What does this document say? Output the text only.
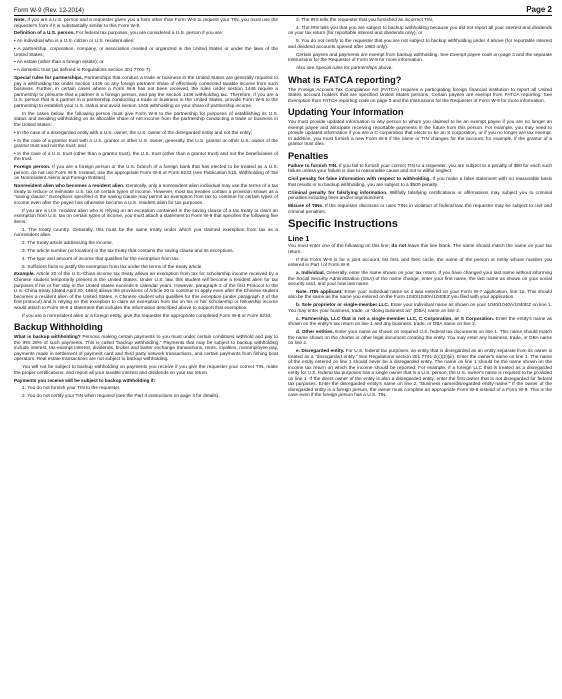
Form W-9 (Rev. 12-2014)	Page 2

Note. If you are a U.S. person and a requester gives you a form other than Form W-9 to request your TIN, you must use the requester's form if it is substantially similar to this Form W-9.

Definition of a U.S. person. For federal tax purposes, you are considered a U.S. person if you are:

• An individual who is a U.S. citizen or U.S. resident alien;

• A partnership, corporation, company, or association created or organized in the United States or under the laws of the United States;

• An estate (other than a foreign estate); or

• A domestic trust (as defined in Regulations section 301.7701-7).

Special rules for partnerships. Partnerships that conduct a trade or business in the United States are generally required to pay a withholding tax under section 1446 on any foreign partners' share of effectively connected taxable income from such business. Further, in certain cases where a Form W-9 has not been received, the rules under section 1446 require a partnership to presume that a partner is a foreign person, and pay the section 1446 withholding tax. Therefore, if you are a U.S. person that is a partner in a partnership conducting a trade or business in the United States, provide Form W-9 to the partnership to establish your U.S. status and avoid section 1446 withholding on your share of partnership income.

In the cases below, the following person must give Form W-9 to the partnership for purposes of establishing its U.S. status and avoiding withholding on its allocable share of net income from the partnership conducting a trade or business in the United States:

• In the case of a disregarded entity with a U.S. owner, the U.S. owner of the disregarded entity and not the entity;

• In the case of a grantor trust with a U.S. grantor or other U.S. owner, generally, the U.S. grantor or other U.S. owner of the grantor trust and not the trust; and

• In the case of a U.S. trust (other than a grantor trust), the U.S. trust (other than a grantor trust) and not the beneficiaries of the trust.

Foreign person. If you are a foreign person or the U.S. branch of a foreign bank that has elected to be treated as a U.S. person, do not use Form W-9. Instead, use the appropriate Form W-8 or Form 8233 (see Publication 515, Withholding of Tax on Nonresident Aliens and Foreign Entities).

Nonresident alien who becomes a resident alien. Generally, only a nonresident alien individual may use the terms of a tax treaty to reduce or eliminate U.S. tax on certain types of income. However, most tax treaties contain a provision known as a "saving clause." Exceptions specified in the saving clause may permit an exemption from tax to continue for certain types of income even after the payee has otherwise become a U.S. resident alien for tax purposes.

If you are a U.S. resident alien who is relying on an exception contained in the saving clause of a tax treaty to claim an exemption from U.S. tax on certain types of income, you must attach a statement to Form W-9 that specifies the following five items:

1. The treaty country. Generally, this must be the same treaty under which you claimed exemption from tax as a nonresident alien.

2. The treaty article addressing the income.

3. The article number (or location) in the tax treaty that contains the saving clause and its exceptions.

4. The type and amount of income that qualifies for the exemption from tax.

5. Sufficient facts to justify the exemption from tax under the terms of the treaty article.

Example. Article 20 of the U.S.-China income tax treaty allows an exemption from tax for scholarship income received by a Chinese student temporarily present in the United States. Under U.S. law, this student will become a resident alien for tax purposes if his or her stay in the United States exceeds 5 calendar years. However, paragraph 2 of the first Protocol to the U.S.-China treaty (dated April 30, 1984) allows the provisions of Article 20 to continue to apply even after the Chinese student becomes a resident alien of the United States. A Chinese student who qualifies for this exception (under paragraph 2 of the first protocol) and is relying on this exception to claim an exemption from tax on his or her scholarship or fellowship income would attach to Form W-9 a statement that includes the information described above to support that exemption.

If you are a nonresident alien or a foreign entity, give the requester the appropriate completed Form W-8 or Form 8233.

Backup Withholding

What is backup withholding? Persons making certain payments to you must under certain conditions withhold and pay to the IRS 28% of such payments. This is called "backup withholding." Payments that may be subject to backup withholding include interest, tax-exempt interest, dividends, broker and barter exchange transactions, rents, royalties, nonemployee pay, payments made in settlement of payment card and third party network transactions, and certain payments from fishing boat operators. Real estate transactions are not subject to backup withholding.

You will not be subject to backup withholding on payments you receive if you give the requester your correct TIN, make the proper certifications, and report all your taxable interest and dividends on your tax return.

Payments you receive will be subject to backup withholding if:

1. You do not furnish your TIN to the requester,

2. You do not certify your TIN when required (see the Part II instructions on page 3 for details),

3. The IRS tells the requester that you furnished an incorrect TIN,

4. The IRS tells you that you are subject to backup withholding because you did not report all your interest and dividends on your tax return (for reportable interest and dividends only), or

5. You do not certify to the requester that you are not subject to backup withholding under 4 above (for reportable interest and dividend accounts opened after 1983 only).

Certain payees and payments are exempt from backup withholding. See Exempt payee code on page 3 and the separate Instructions for the Requester of Form W-9 for more information.

Also see Special rules for partnerships above.

What is FATCA reporting?

The Foreign Account Tax Compliance Act (FATCA) requires a participating foreign financial institution to report all United States account holders that are specified United States persons. Certain payees are exempt from FATCA reporting. See Exemption from FATCA reporting code on page 3 and the Instructions for the Requester of Form W-9 for more information.

Updating Your Information

You must provide updated information to any person to whom you claimed to be an exempt payee if you are no longer an exempt payee and anticipate receiving reportable payments in the future from this person. For example, you may need to provide updated information if you are a C corporation that elects to be an S corporation, or if you no longer are tax exempt. In addition, you must furnish a new Form W-9 if the name or TIN changes for the account; for example, if the grantor of a grantor trust dies.

Penalties

Failure to furnish TIN. If you fail to furnish your correct TIN to a requester, you are subject to a penalty of $50 for each such failure unless your failure is due to reasonable cause and not to willful neglect.

Civil penalty for false information with respect to withholding. If you make a false statement with no reasonable basis that results in no backup withholding, you are subject to a $500 penalty.

Criminal penalty for falsifying information. Willfully falsifying certifications or affirmations may subject you to criminal penalties including fines and/or imprisonment.

Misuse of TINs. If the requester discloses or uses TINs in violation of federal law, the requester may be subject to civil and criminal penalties.

Specific Instructions
Line 1

You must enter one of the following on this line; do not leave this line blank. The name should match the name on your tax return.

If this Form W-9 is for a joint account, list first, and then circle, the name of the person or entity whose number you entered in Part I of Form W-9.

a. Individual. Generally, enter the name shown on your tax return. If you have changed your last name without informing the Social Security Administration (SSA) of the name change, enter your first name, the last name as shown on your social security card, and your new last name.

Note. ITIN applicant: Enter your individual name as it was entered on your Form W-7 application, line 1a. This should also be the same as the name you entered on the Form 1040/1040A/1040EZ you filed with your application.

b. Sole proprietor or single-member LLC. Enter your individual name as shown on your 1040/1040A/1040EZ on line 1. You may enter your business, trade, or "doing business as" (DBA) name on line 2.

c. Partnership, LLC that is not a single-member LLC, C Corporation, or S Corporation. Enter the entity's name as shown on the entity's tax return on line 1 and any business, trade, or DBA name on line 2.

d. Other entities. Enter your name as shown on required U.S. federal tax documents on line 1. This name should match the name shown on the charter or other legal document creating the entity. You may enter any business, trade, or DBA name on line 2.

e. Disregarded entity. For U.S. federal tax purposes, an entity that is disregarded as an entity separate from its owner is treated as a "disregarded entity." See Regulations section 301.7701-2(c)(2)(iii). Enter the owner's name on line 1. The name of the entity entered on line 1 should never be a disregarded entity. The name on line 1 should be the name shown on the income tax return on which the income should be reported. For example, if a foreign LLC that is treated as a disregarded entity for U.S. federal tax purposes has a single owner that is a U.S. person, the U.S. owner's name is required to be provided on line 1. If the direct owner of the entity is also a disregarded entity, enter the first owner that is not disregarded for federal tax purposes. Enter the disregarded entity's name on line 2, "Business name/disregarded entity name." If the owner of the disregarded entity is a foreign person, the owner must complete an appropriate Form W-8 instead of a Form W-9. This is the case even if the foreign person has a U.S. TIN.
